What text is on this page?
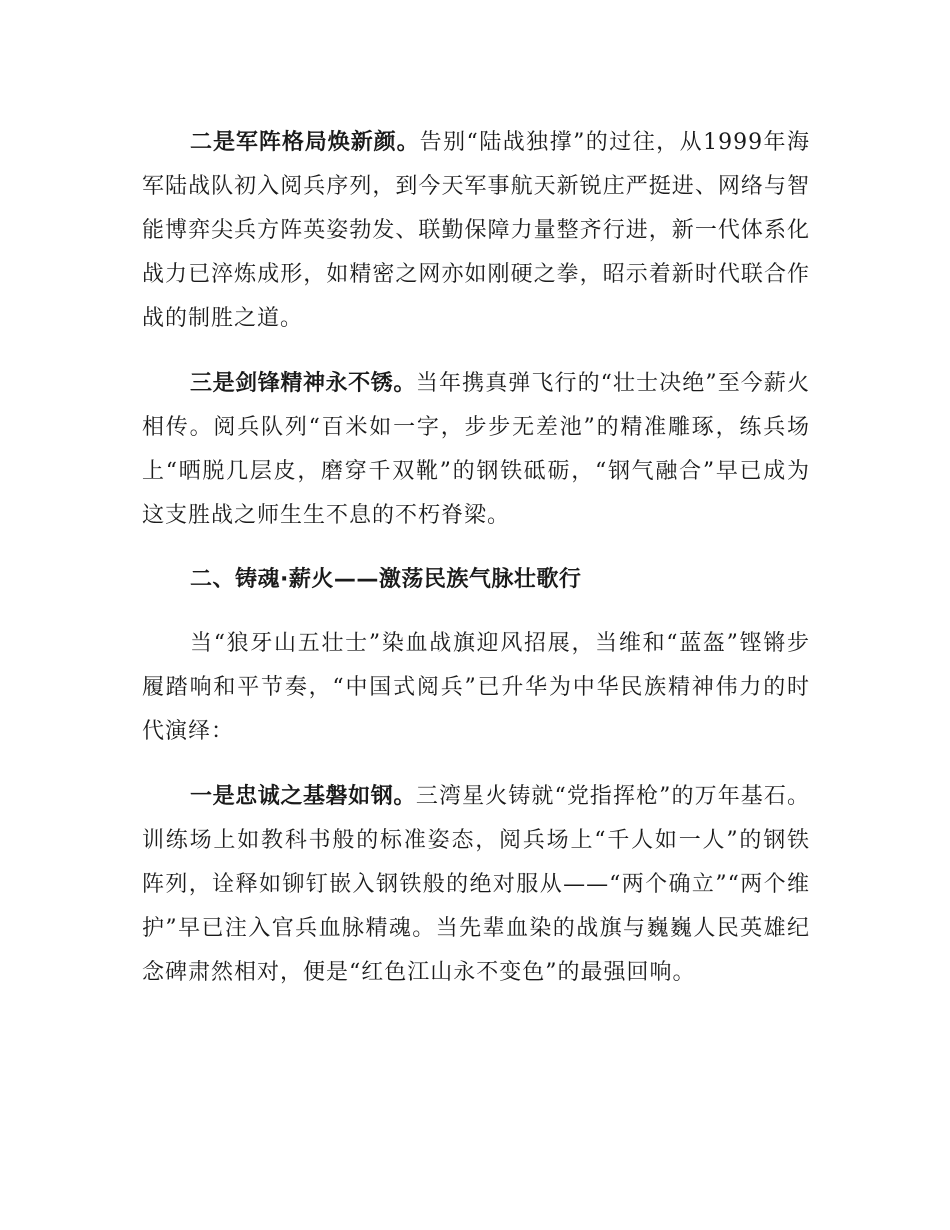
二是军阵格局焕新颜。告别“陆战独撑”的过往，从1999年海军陆战队初入阅兵序列，到今天军事航天新锐庄严挺进、网络与智能博弈尖兵方阵英姿勃发、联勤保障力量整齐行进，新一代体系化战力已淬炼成形，如精密之网亦如刚硬之拳，昭示着新时代联合作战的制胜之道。

三是剑锋精神永不锈。当年携真弹飞行的“壮士决绝”至今薪火相传。阅兵队列“百米如一字，步步无差池”的精准雕琢，练兵场上“晒脱几层皮，磨穿千双靴”的钢铁砥砺，“钢气融合”早已成为这支胜战之师生生不息的不朽脊梁。

二、铸魂·薪火——激荡民族气脉壮歌行

当“狼牙山五壮士”染血战旗迎风招展，当维和“蓝盔”铿锵步履踏响和平节奏，“中国式阅兵”已升华为中华民族精神伟力的时代演绎：

一是忠诚之基磐如钢。三湾星火铸就“党指挥枪”的万年基石。训练场上如教科书般的标准姿态，阅兵场上“千人如一人”的钢铁阵列，诠释如铆钉嵌入钢铁般的绝对服从——“两个确立”“两个维护”早已注入官兵血脉精魂。当先辈血染的战旗与巍巍人民英雄纪念碑肃然相对，便是“红色江山永不变色”的最强回响。
